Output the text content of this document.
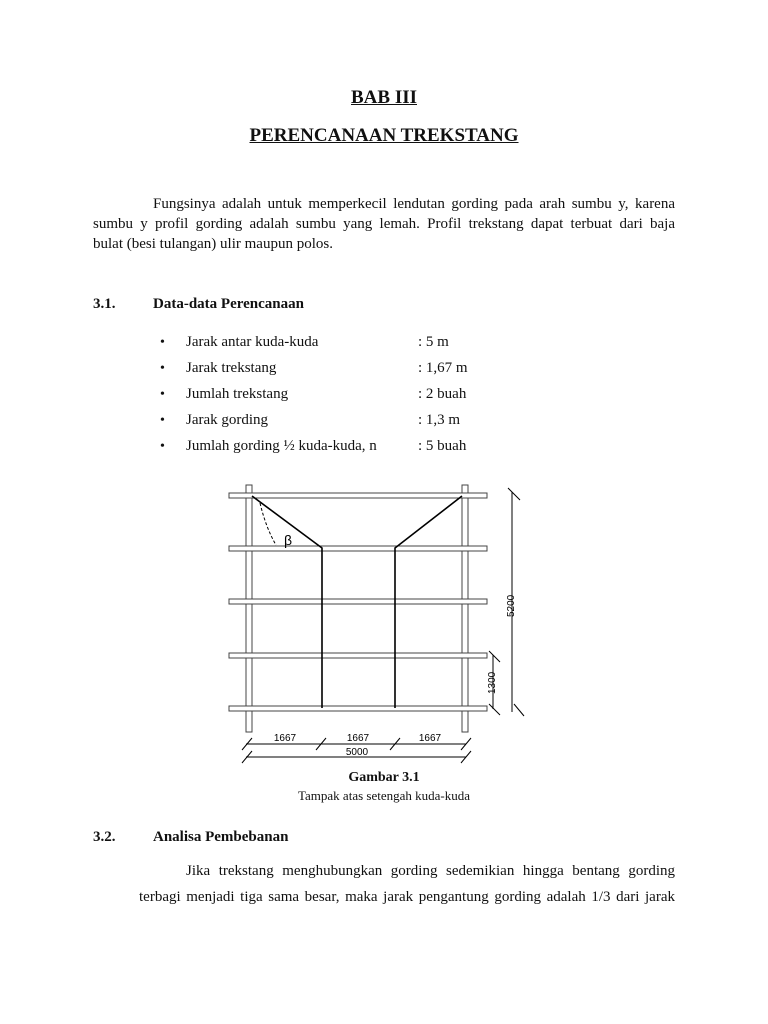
BAB III
PERENCANAAN TREKSTANG
Fungsinya adalah untuk memperkecil lendutan gording pada arah sumbu y, karena
sumbu y profil gording adalah sumbu yang lemah. Profil trekstang dapat terbuat dari baja
bulat (besi tulangan) ulir maupun polos.
3.1.	Data-data Perencanaan
• Jarak antar kuda-kuda	: 5 m
• Jarak trekstang	: 1,67 m
• Jumlah trekstang	: 2 buah
• Jarak gording	: 1,3 m
• Jumlah gording ½ kuda-kuda, n	: 5 buah
β
5200
1300
1667	1667	1667
5000
Gambar 3.1
Tampak atas setengah kuda-kuda
3.2.	Analisa Pembebanan
Jika trekstang menghubungkan gording sedemikian hingga bentang gording
terbagi menjadi tiga sama besar, maka jarak pengantung gording adalah 1/3 dari jarak
